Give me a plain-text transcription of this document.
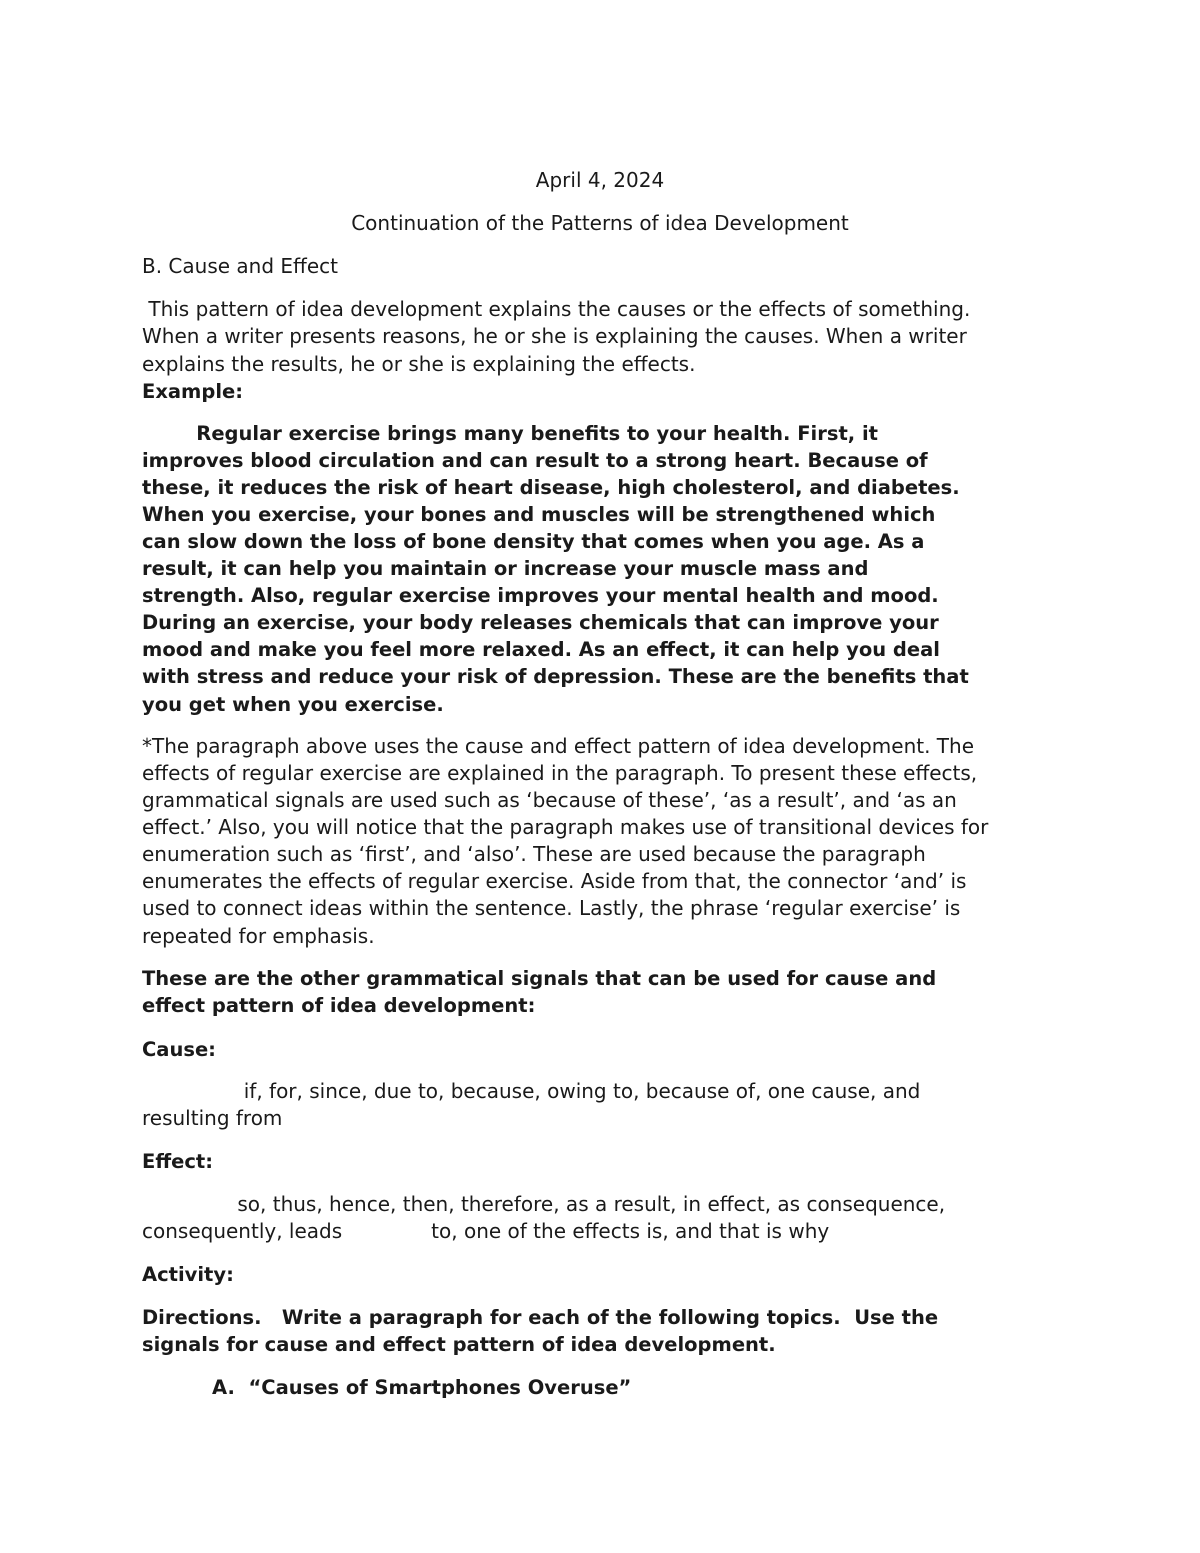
April 4, 2024
Continuation of the Patterns of idea Development
B. Cause and Effect
This pattern of idea development explains the causes or the effects of something.
When a writer presents reasons, he or she is explaining the causes. When a writer
explains the results, he or she is explaining the effects.
Example:
Regular exercise brings many benefits to your health. First, it
improves blood circulation and can result to a strong heart. Because of
these, it reduces the risk of heart disease, high cholesterol, and diabetes.
When you exercise, your bones and muscles will be strengthened which
can slow down the loss of bone density that comes when you age. As a
result, it can help you maintain or increase your muscle mass and
strength. Also, regular exercise improves your mental health and mood.
During an exercise, your body releases chemicals that can improve your
mood and make you feel more relaxed. As an effect, it can help you deal
with stress and reduce your risk of depression. These are the benefits that
you get when you exercise.
*The paragraph above uses the cause and effect pattern of idea development. The
effects of regular exercise are explained in the paragraph. To present these effects,
grammatical signals are used such as ‘because of these’, ‘as a result’, and ‘as an
effect.’ Also, you will notice that the paragraph makes use of transitional devices for
enumeration such as ‘first’, and ‘also’. These are used because the paragraph
enumerates the effects of regular exercise. Aside from that, the connector ‘and’ is
used to connect ideas within the sentence. Lastly, the phrase ‘regular exercise’ is
repeated for emphasis.
These are the other grammatical signals that can be used for cause and
effect pattern of idea development:
Cause:
if, for, since, due to, because, owing to, because of, one cause, and
resulting from
Effect:
so, thus, hence, then, therefore, as a result, in effect, as consequence,
consequently, leads              to, one of the effects is, and that is why
Activity:
Directions.   Write a paragraph for each of the following topics.  Use the
signals for cause and effect pattern of idea development.
A.  “Causes of Smartphones Overuse”
